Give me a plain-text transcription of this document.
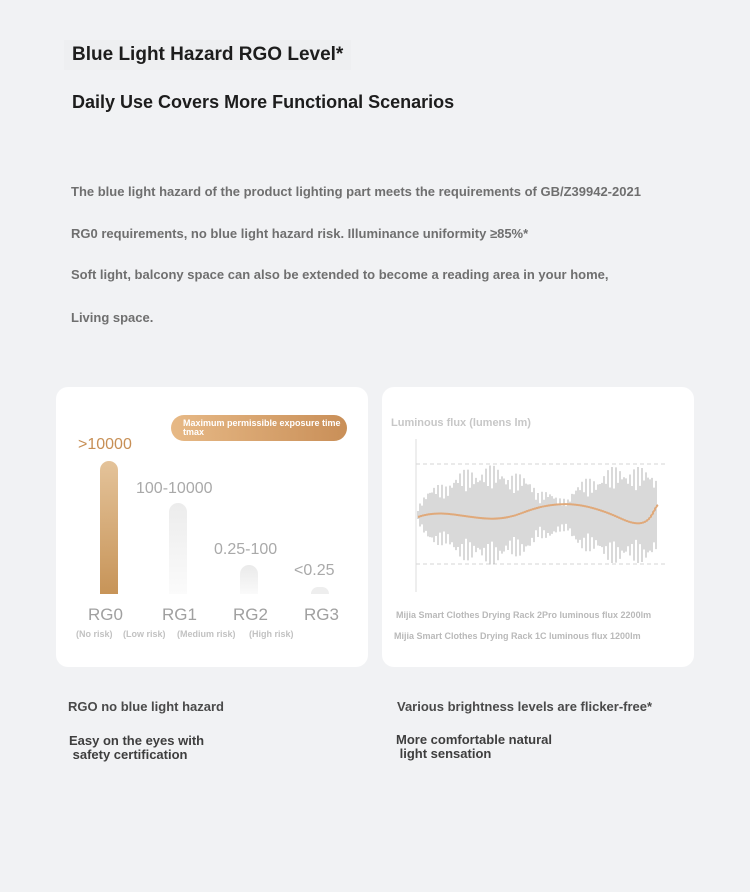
Blue Light Hazard RGO Level*
Daily Use Covers More Functional Scenarios
The blue light hazard of the product lighting part meets the requirements of GB/Z39942-2021
RG0 requirements, no blue light hazard risk. Illuminance uniformity ≥85%*
Soft light, balcony space can also be extended to become a reading area in your home,
Living space.
Maximum permissible exposure time tmax
>10000
100-10000
0.25-100
<0.25
RG0 RG1 RG2 RG3
(No risk) (Low risk) (Medium risk) (High risk)
Luminous flux (lumens lm)
Mijia Smart Clothes Drying Rack 2Pro luminous flux 2200lm
Mijia Smart Clothes Drying Rack 1C luminous flux 1200lm
RGO no blue light hazard
Easy on the eyes with
safety certification
Various brightness levels are flicker-free*
More comfortable natural
light sensation
